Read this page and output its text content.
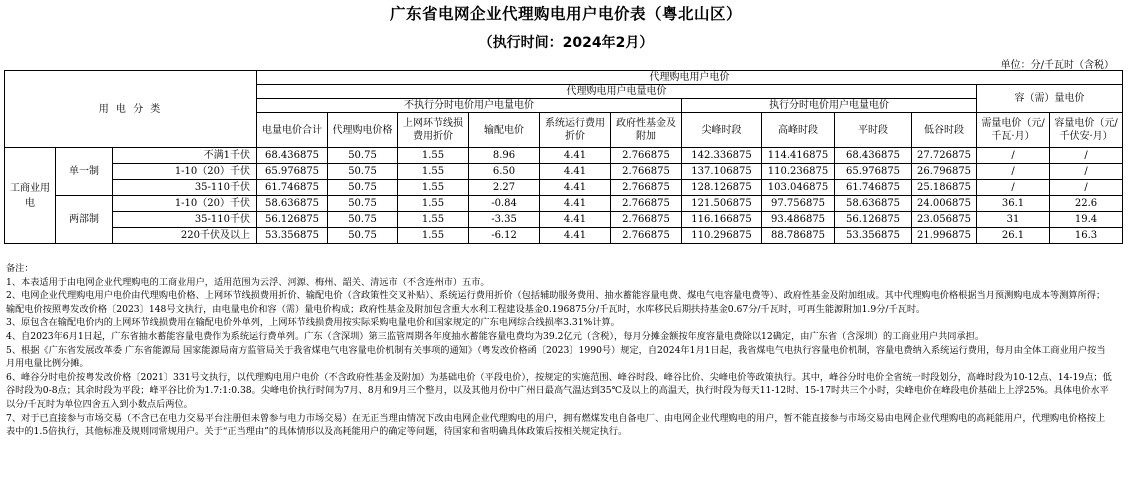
广东省电网企业代理购电用户电价表（粤北山区）
（执行时间：2024年2月）
单位：分/千瓦时（含税）
用 电 分 类			代理购电用户电价											
			代理购电用户电量电价										容（需）量电价	
			不执行分时电价用户电量电价						执行分时电价用户电量电价					
			电量电价合计	代理购电价格	上网环节线损费用折价	输配电价	系统运行费用折价	政府性基金及附加	尖峰时段	高峰时段	平时段	低谷时段	需量电价（元/千瓦·月）	容量电价（元/千伏安·月）
工商业用电	单一制	不满1千伏	68.436875	50.75	1.55	8.96	4.41	2.766875	142.336875	114.416875	68.436875	27.726875	/	/
		1-10（20）千伏	65.976875	50.75	1.55	6.50	4.41	2.766875	137.106875	110.236875	65.976875	26.796875	/	/
		35-110千伏	61.746875	50.75	1.55	2.27	4.41	2.766875	128.126875	103.046875	61.746875	25.186875	/	/
	两部制	1-10（20）千伏	58.636875	50.75	1.55	-0.84	4.41	2.766875	121.506875	97.756875	58.636875	24.006875	36.1	22.6
		35-110千伏	56.126875	50.75	1.55	-3.35	4.41	2.766875	116.166875	93.486875	56.126875	23.056875	31	19.4
		220千伏及以上	53.356875	50.75	1.55	-6.12	4.41	2.766875	110.296875	88.786875	53.356875	21.996875	26.1	16.3
备注：
1、本表适用于由电网企业代理购电的工商业用户，适用范围为云浮、河源、梅州、韶关、清远市（不含连州市）五市。
2、电网企业代理购电用户电价由代理购电价格、上网环节线损费用折价、输配电价（含政策性交叉补贴）、系统运行费用折价（包括辅助服务费用、抽水蓄能容量电费、煤电气电容量电费等）、政府性基金及附加组成。其中代理购电价格根据当月预测购电成本等测算所得；输配电价按照粤发改价格〔2023〕148号文执行，由电量电价和容（需）量电价构成；政府性基金及附加包含重大水利工程建设基金0.196875分/千瓦时，水库移民后期扶持基金0.67分/千瓦时，可再生能源附加1.9分/千瓦时。
3、原包含在输配电价内的上网环节线损费用在输配电价外单列，上网环节线损费用按实际采购电量电价和国家规定的广东电网综合线损率3.31%计算。
4、自2023年6月1日起，广东省抽水蓄能容量电费作为系统运行费单列。广东（含深圳）第三监管周期各年度抽水蓄能容量电费均为39.2亿元（含税），每月分摊金额按年度容量电费除以12确定，由广东省（含深圳）的工商业用户共同承担。
5、根据《广东省发展改革委 广东省能源局 国家能源局南方监管局关于我省煤电气电容量电价机制有关事项的通知》（粤发改价格函〔2023〕1990号）规定，自2024年1月1日起，我省煤电气电执行容量电价机制，容量电费纳入系统运行费用，每月由全体工商业用户按当月用电量比例分摊。
6、峰谷分时电价按粤发改价格〔2021〕331号文执行，以代理购电用户电价（不含政府性基金及附加）为基础电价（平段电价），按规定的实施范围、峰谷时段、峰谷比价、尖峰电价等政策执行。其中，峰谷分时电价全省统一时段划分，高峰时段为10-12点、14-19点；低谷时段为0-8点；其余时段为平段；峰平谷比价为1.7:1:0.38。尖峰电价执行时间为7月、8月和9月三个整月，以及其他月份中广州日最高气温达到35℃及以上的高温天，执行时段为每天11-12时、15-17时共三个小时，尖峰电价在峰段电价基础上上浮25%。具体电价水平以分/千瓦时为单位四舍五入到小数点后两位。
7、对于已直接参与市场交易（不含已在电力交易平台注册但未曾参与电力市场交易）在无正当理由情况下改由电网企业代理购电的用户，拥有燃煤发电自备电厂、由电网企业代理购电的用户，暂不能直接参与市场交易由电网企业代理购电的高耗能用户，代理购电价格按上表中的1.5倍执行，其他标准及规则同常规用户。关于“正当理由”的具体情形以及高耗能用户的确定等问题，待国家和省明确具体政策后按相关规定执行。
